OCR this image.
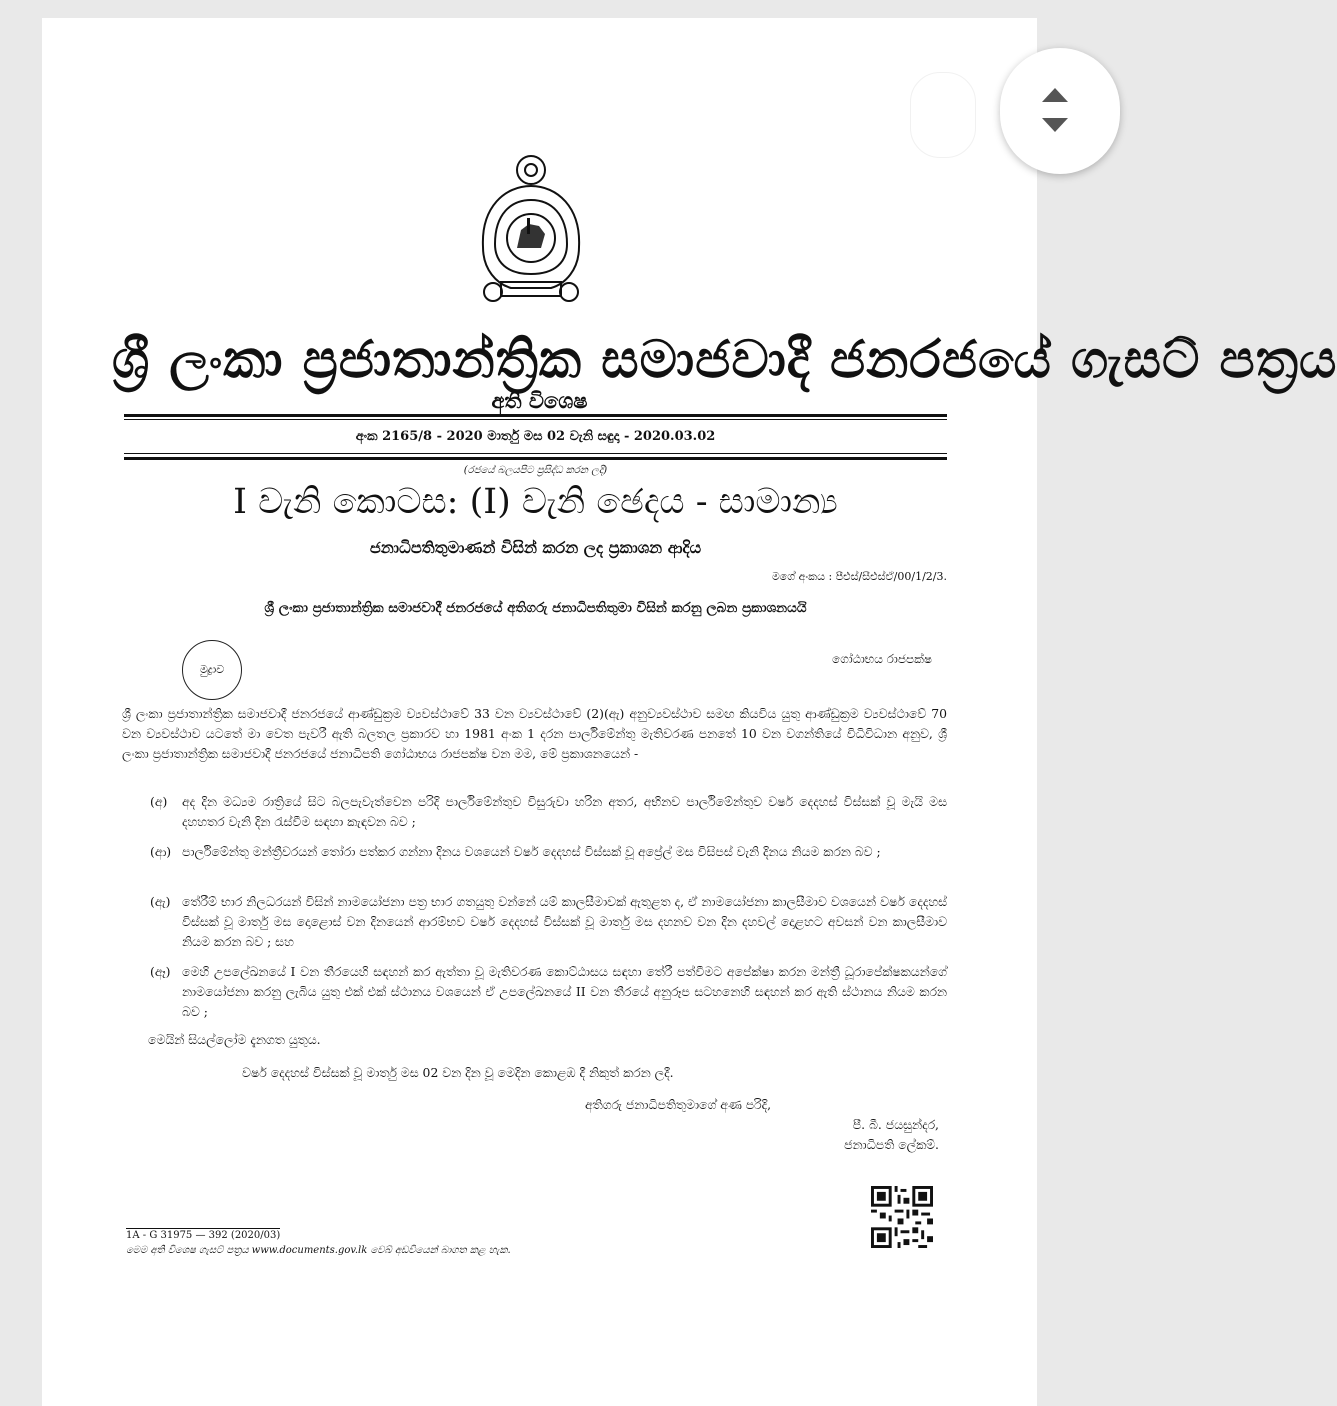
ශ්‍රී ලංකා ප්‍රජාතාන්ත්‍රික සමාජවාදී ජනරජයේ ගැසට් පත්‍රය
අති විශෙෂ
අංක 2165/8 - 2020 මාර්තු මස 02 වැනි සඳුදා - 2020.03.02
(රජයේ බලයපිට ප්‍රසිද්ධ කරන ලදි)
I වැනි කොටස: (I) වැනි ඡෙදය - සාමාන්‍ය
ජනාධිපතිතුමාණන් විසින් කරන ලද ප්‍රකාශන ආදිය
මගේ අංකය : පීඑස්/සීඑස්ඒ/00/1/2/3.
ශ්‍රී ලංකා ප්‍රජාතාන්ත්‍රික සමාජවාදී ජනරජයේ අතිගරු ජනාධිපතිතුමා විසින් කරනු ලබන ප්‍රකාශනයයි
මුද්‍රාව
ගෝඨාභය රාජපක්ෂ
ශ්‍රී ලංකා ප්‍රජාතාන්ත්‍රික සමාජවාදී ජනරජයේ ආණ්ඩුක්‍රම ව්‍යවස්ථාවේ 33 වන ව්‍යවස්ථාවේ (2)(ඇ) අනුව්‍යවස්ථාව සමඟ කියවිය යුතු ආණ්ඩුක්‍රම ව්‍යවස්ථාවේ 70 වන ව්‍යවස්ථාව යටතේ මා වෙත පැවරී ඇති බලතල ප්‍රකාරව හා 1981 අංක 1 දරන පාර්ලිමේන්තු මැතිවරණ පනතේ 10 වන වගන්තියේ විධිවිධාන අනුව, ශ්‍රී ලංකා ප්‍රජාතාන්ත්‍රික සමාජවාදී ජනරජයේ ජනාධිපති ගෝඨාභය රාජපක්ෂ වන මම, මේ ප්‍රකාශනයෙන් -
(අ)	අද දින මධ්‍යම රාත්‍රියේ සිට බලපැවැත්වෙන පරිදි පාර්ලිමේන්තුව විසුරුවා හරින අතර, අභිනව පාර්ලිමේන්තුව වර්ෂ දෙදහස් විස්සක් වූ මැයි මස දහහතර වැනි දින රැස්වීම සඳහා කැඳවන බව ;
(ආ) පාර්ලිමේන්තු මන්ත්‍රීවරයන් තෝරා පත්කර ගන්නා දිනය වශයෙන් වර්ෂ දෙදහස් විස්සක් වූ අප්‍රේල් මස විසිපස් වැනි දිනය නියම කරන බව ;
(ඇ) තේරීම් භාර නිලධරයන් විසින් නාමයෝජනා පත්‍ර භාර ගතයුතු වන්නේ යම් කාලසීමාවක් ඇතුළත ද, ඒ නාමයෝජනා කාලසීමාව වශයෙන් වර්ෂ දෙදහස් විස්සක් වූ මාර්තු මස දොළොස් වන දිනයෙන් ආරම්භව වර්ෂ දෙදහස් විස්සක් වූ මාර්තු මස දහනව වන දින දහවල් දොළහට අවසන් වන කාලසීමාව නියම කරන බව ; සහ
(ඈ) මෙහි උපලේඛනයේ I වන තීරයෙහි සඳහන් කර ඇත්තා වූ මැතිවරණ කොට්ඨාසය සඳහා තේරී පත්වීමට අපේක්ෂා කරන මන්ත්‍රී ධූරාපේක්ෂකයන්ගේ නාමයෝජනා කරනු ලැබිය යුතු එක් එක් ස්ථානය වශයෙන් ඒ උපලේඛනයේ II වන තීරයේ අනුරූප සටහනෙහි සඳහන් කර ඇති ස්ථානය නියම කරන බව ;
මෙයින් සියල්ලෝම දැනගත යුතුය.
වර්ෂ දෙදහස් විස්සක් වූ මාර්තු මස 02 වන දින වූ මෙදින කොළඹ දී නිකුත් කරන ලදී.
අතිගරු ජනාධිපතිතුමාගේ අණ පරිදි,
පී. බී. ජයසුන්දර,
ජනාධිපති ලේකම්.
1A - G 31975 — 392 (2020/03)
මෙම අති විශෙෂ ගැසට් පත්‍රය www.documents.gov.lk වෙබ් අඩවියෙන් බාගත කළ හැක.
